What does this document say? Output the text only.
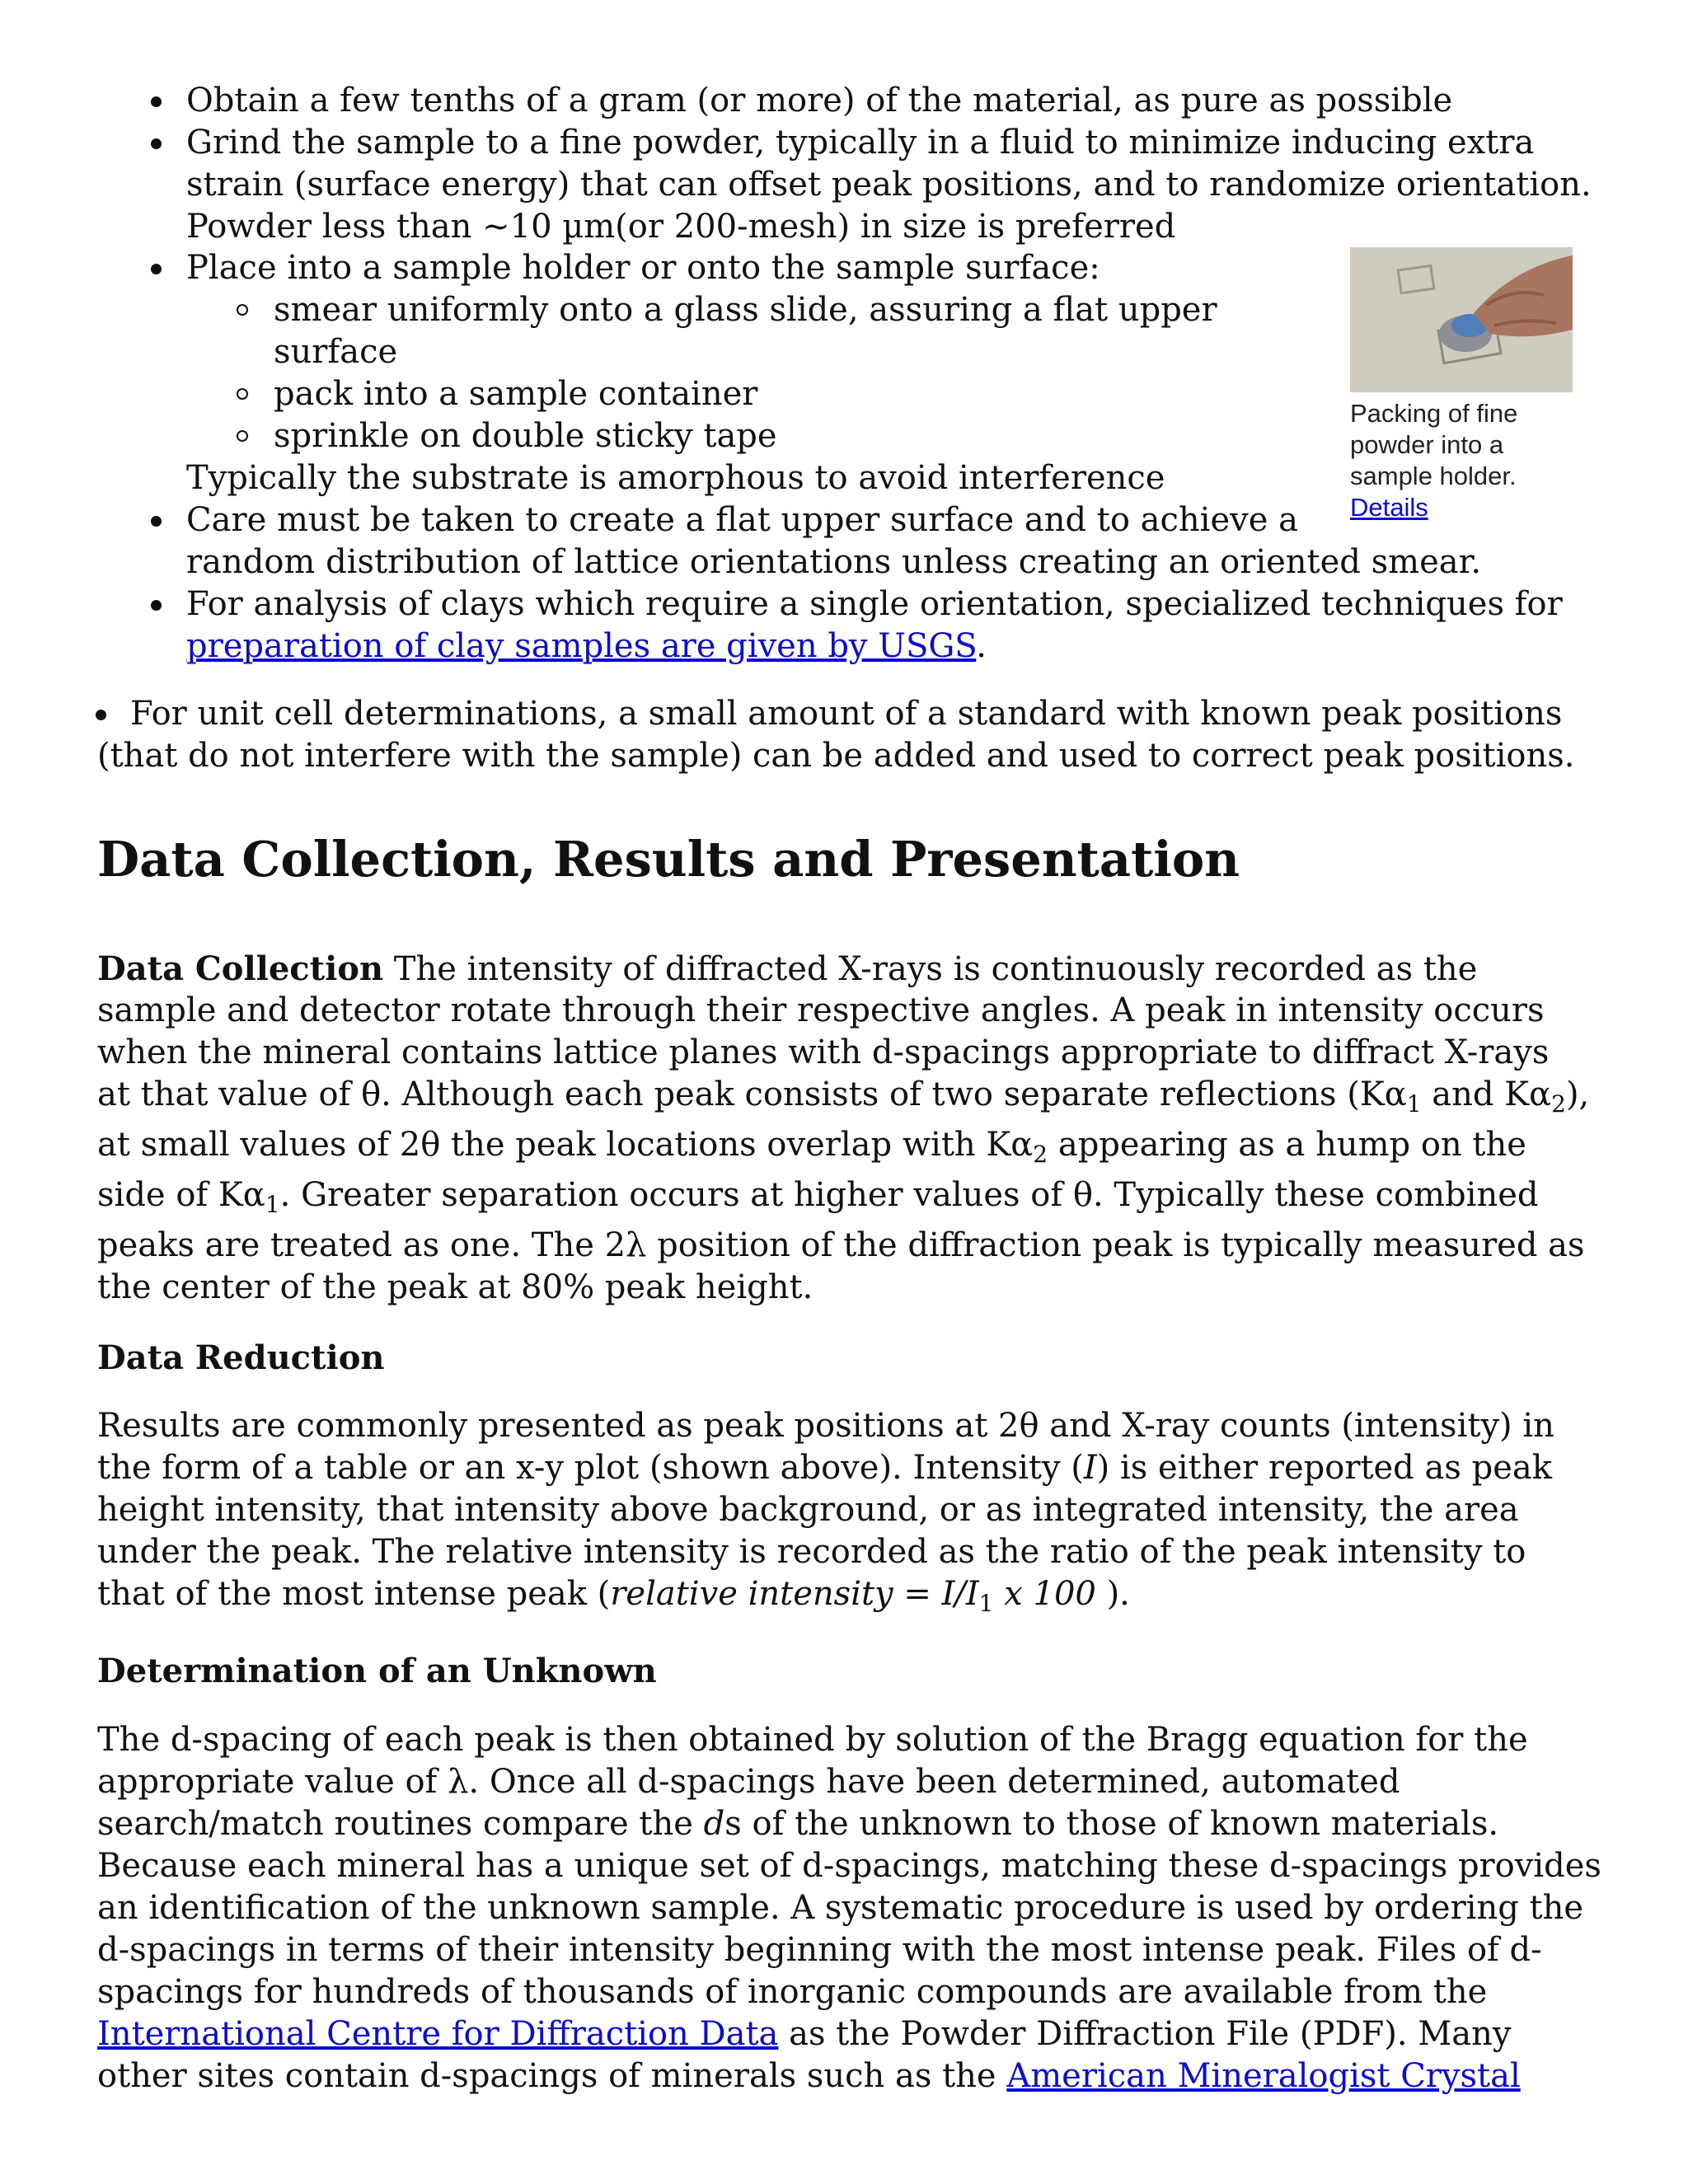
Obtain a few tenths of a gram (or more) of the material, as pure as possible
Grind the sample to a fine powder, typically in a fluid to minimize inducing extra
strain (surface energy) that can offset peak positions, and to randomize orientation.
Powder less than ~10 µm(or 200-mesh) in size is preferred
Place into a sample holder or onto the sample surface:
smear uniformly onto a glass slide, assuring a flat upper
surface
pack into a sample container
sprinkle on double sticky tape
Typically the substrate is amorphous to avoid interference
Care must be taken to create a flat upper surface and to achieve a
random distribution of lattice orientations unless creating an oriented smear.
For analysis of clays which require a single orientation, specialized techniques for
preparation of clay samples are given by USGS.
For unit cell determinations, a small amount of a standard with known peak positions
(that do not interfere with the sample) can be added and used to correct peak positions.
Packing of fine
powder into a
sample holder.
Details
Data Collection, Results and Presentation
Data Collection The intensity of diffracted X-rays is continuously recorded as the
sample and detector rotate through their respective angles. A peak in intensity occurs
when the mineral contains lattice planes with d-spacings appropriate to diffract X-rays
at that value of θ. Although each peak consists of two separate reflections ($K\alpha_1$ and $K\alpha_2$),
at small values of 2θ the peak locations overlap with $K\alpha_2$ appearing as a hump on the
side of $K\alpha_1$. Greater separation occurs at higher values of θ. Typically these combined
peaks are treated as one. The 2λ position of the diffraction peak is typically measured as
the center of the peak at 80% peak height.
Data Reduction
Results are commonly presented as peak positions at 2θ and X-ray counts (intensity) in
the form of a table or an x-y plot (shown above). Intensity (I) is either reported as peak
height intensity, that intensity above background, or as integrated intensity, the area
under the peak. The relative intensity is recorded as the ratio of the peak intensity to
that of the most intense peak (relative intensity = $I/I_1$ x 100 ).
Determination of an Unknown
The d-spacing of each peak is then obtained by solution of the Bragg equation for the
appropriate value of λ. Once all d-spacings have been determined, automated
search/match routines compare the ds of the unknown to those of known materials.
Because each mineral has a unique set of d-spacings, matching these d-spacings provides
an identification of the unknown sample. A systematic procedure is used by ordering the
d-spacings in terms of their intensity beginning with the most intense peak. Files of d-
spacings for hundreds of thousands of inorganic compounds are available from the
International Centre for Diffraction Data as the Powder Diffraction File (PDF). Many
other sites contain d-spacings of minerals such as the American Mineralogist Crystal
